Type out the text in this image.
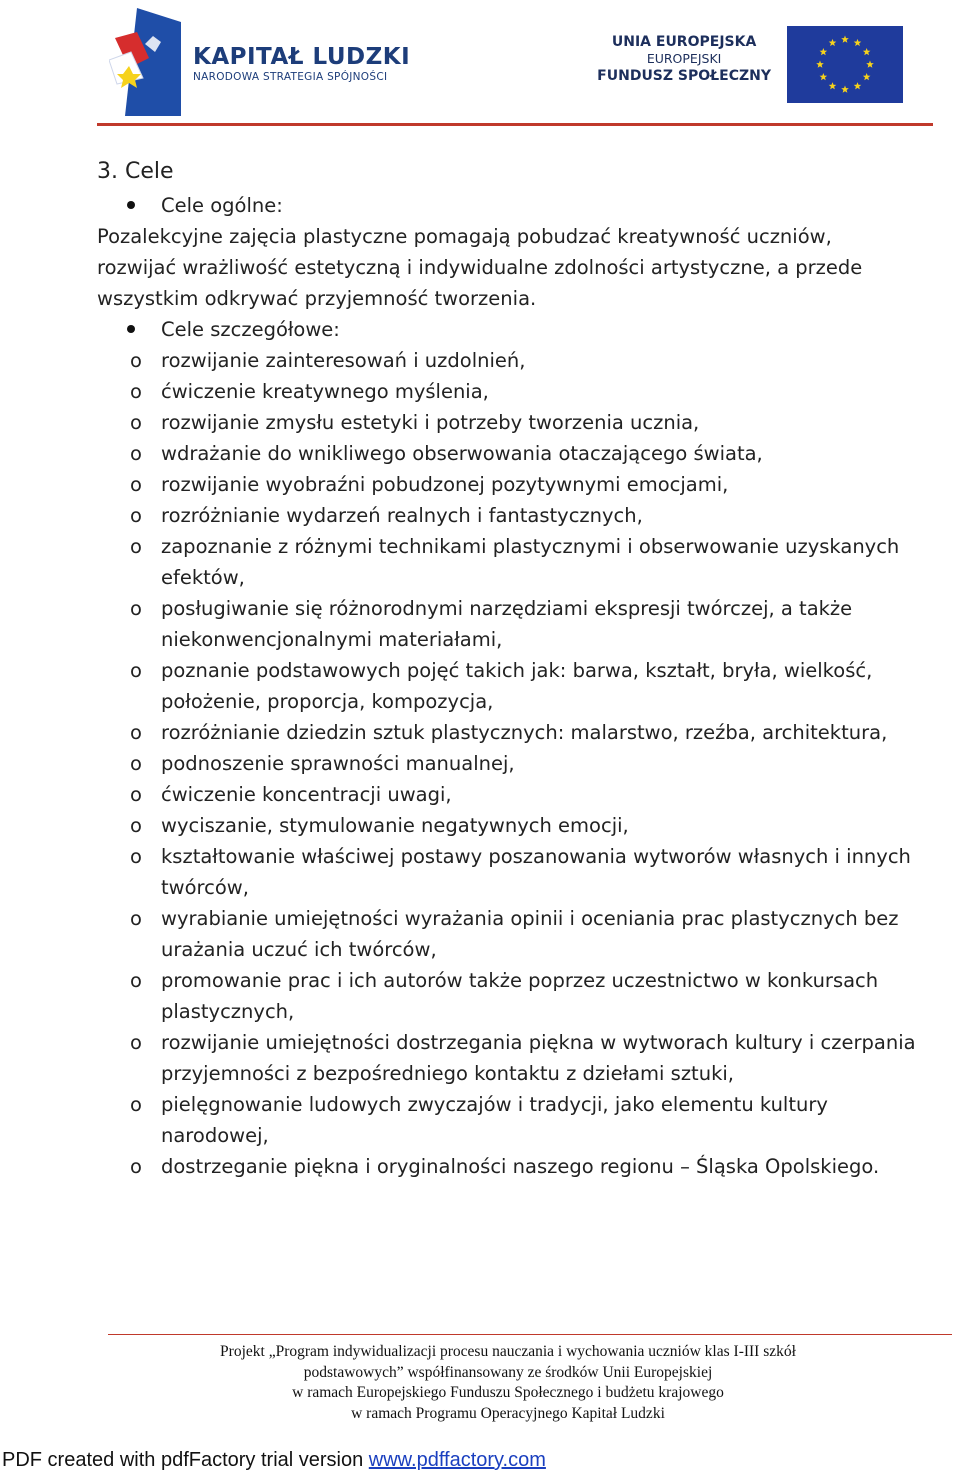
KAPITAŁ LUDZKI
NARODOWA STRATEGIA SPÓJNOŚCI
UNIA EUROPEJSKA
EUROPEJSKI
FUNDUSZ SPOŁECZNY
3. Cele
Cele ogólne:

Pozalekcyjne zajęcia plastyczne pomagają pobudzać kreatywność uczniów, rozwijać wrażliwość estetyczną i indywidualne zdolności artystyczne, a przede wszystkim odkrywać przyjemność tworzenia.

Cele szczegółowe:
o rozwijanie zainteresowań i uzdolnień,
o ćwiczenie kreatywnego myślenia,
o rozwijanie zmysłu estetyki i potrzeby tworzenia ucznia,
o wdrażanie do wnikliwego obserwowania otaczającego świata,
o rozwijanie wyobraźni pobudzonej pozytywnymi emocjami,
o rozróżnianie wydarzeń realnych i fantastycznych,
o zapoznanie z różnymi technikami plastycznymi i obserwowanie uzyskanych efektów,
o posługiwanie się różnorodnymi narzędziami ekspresji twórczej, a także niekonwencjonalnymi materiałami,
o poznanie podstawowych pojęć takich jak: barwa, kształt, bryła, wielkość, położenie, proporcja, kompozycja,
o rozróżnianie dziedzin sztuk plastycznych: malarstwo, rzeźba, architektura,
o podnoszenie sprawności manualnej,
o ćwiczenie koncentracji uwagi,
o wyciszanie, stymulowanie negatywnych emocji,
o kształtowanie właściwej postawy poszanowania wytworów własnych i innych twórców,
o wyrabianie umiejętności wyrażania opinii i oceniania prac plastycznych bez urażania uczuć ich twórców,
o promowanie prac i ich autorów także poprzez uczestnictwo w konkursach plastycznych,
o rozwijanie umiejętności dostrzegania piękna w wytworach kultury i czerpania przyjemności z bezpośredniego kontaktu z dziełami sztuki,
o pielęgnowanie ludowych zwyczajów i tradycji, jako elementu kultury narodowej,
o dostrzeganie piękna i oryginalności naszego regionu – Śląska Opolskiego.
Projekt „Program indywidualizacji procesu nauczania i wychowania uczniów klas I-III szkół
podstawowych” współfinansowany ze środków Unii Europejskiej
w ramach Europejskiego Funduszu Społecznego i budżetu krajowego
w ramach Programu Operacyjnego Kapitał Ludzki
PDF created with pdfFactory trial version www.pdffactory.com
